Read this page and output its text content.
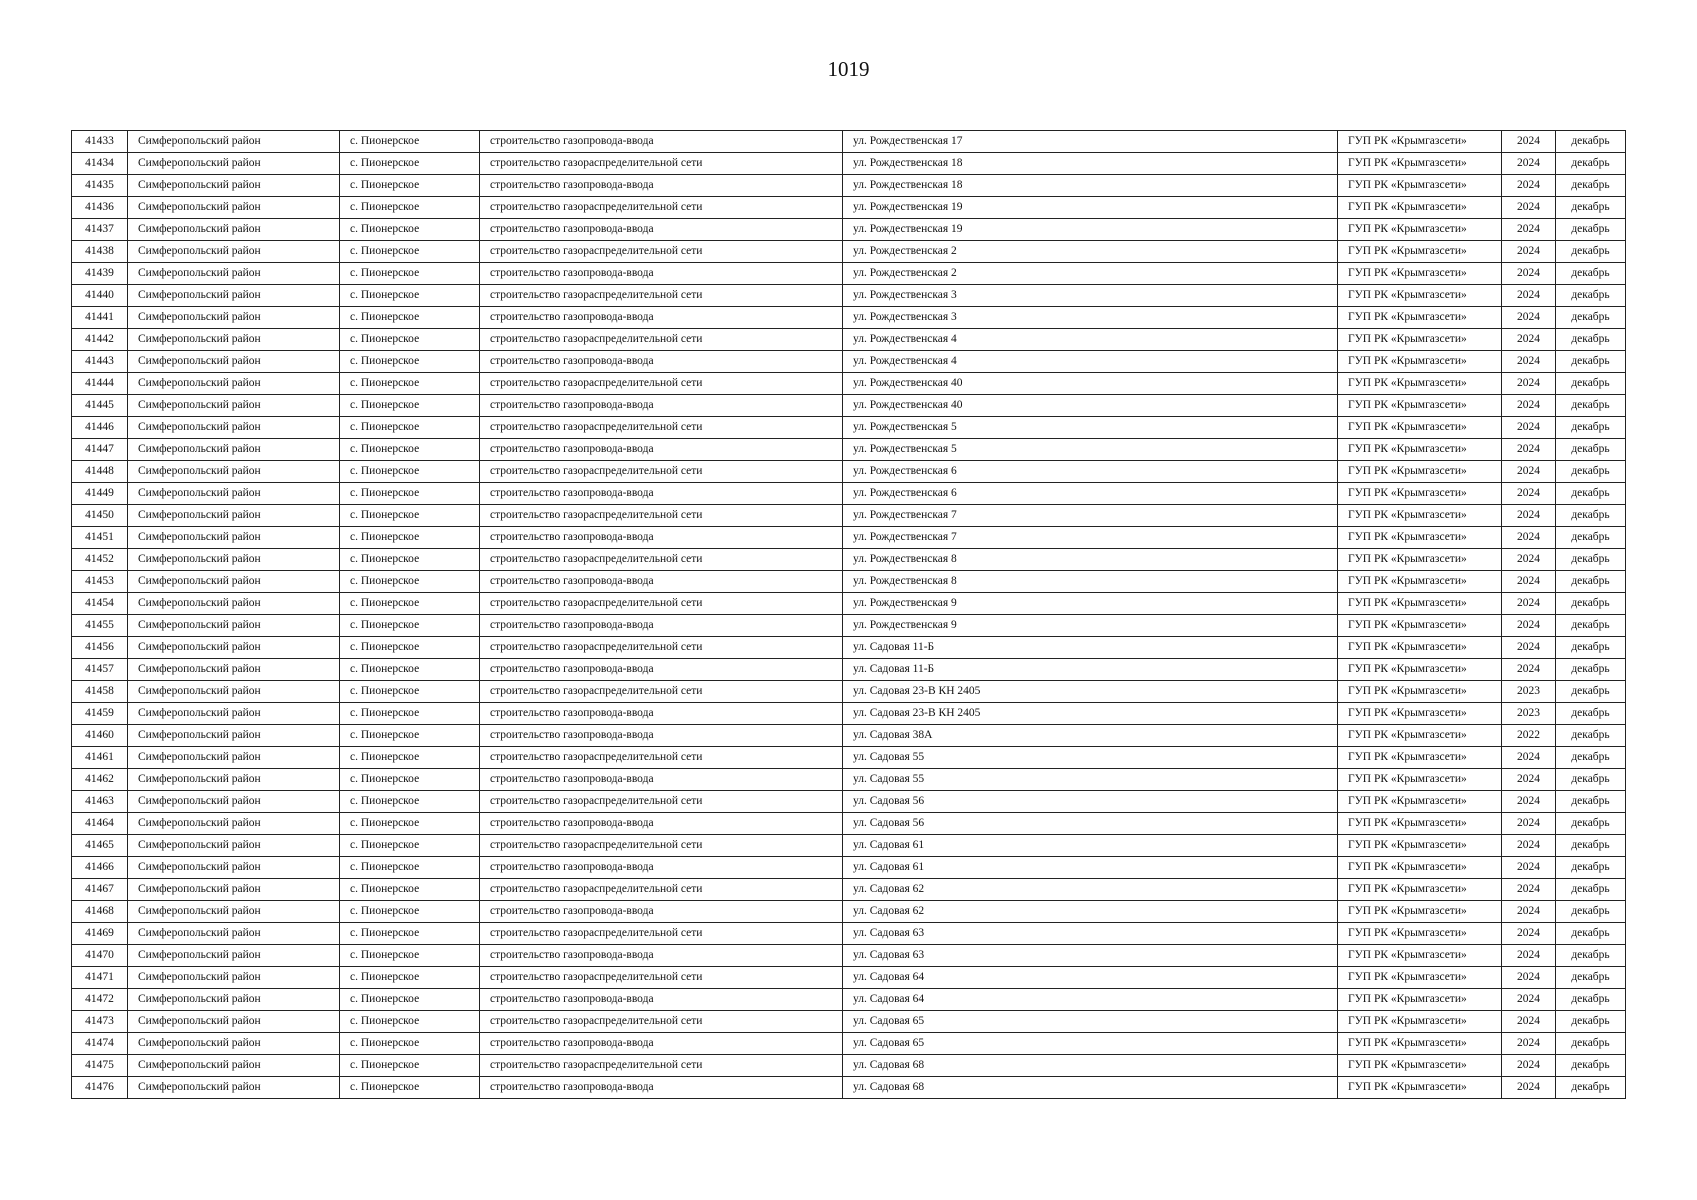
1019
41433	Симферопольский район	с. Пионерское	строительство газопровода-ввода	ул. Рождественская 17	ГУП РК «Крымгазсети»	2024	декабрь
41434	Симферопольский район	с. Пионерское	строительство газораспределительной сети	ул. Рождественская 18	ГУП РК «Крымгазсети»	2024	декабрь
41435	Симферопольский район	с. Пионерское	строительство газопровода-ввода	ул. Рождественская 18	ГУП РК «Крымгазсети»	2024	декабрь
41436	Симферопольский район	с. Пионерское	строительство газораспределительной сети	ул. Рождественская 19	ГУП РК «Крымгазсети»	2024	декабрь
41437	Симферопольский район	с. Пионерское	строительство газопровода-ввода	ул. Рождественская 19	ГУП РК «Крымгазсети»	2024	декабрь
41438	Симферопольский район	с. Пионерское	строительство газораспределительной сети	ул. Рождественская 2	ГУП РК «Крымгазсети»	2024	декабрь
41439	Симферопольский район	с. Пионерское	строительство газопровода-ввода	ул. Рождественская 2	ГУП РК «Крымгазсети»	2024	декабрь
41440	Симферопольский район	с. Пионерское	строительство газораспределительной сети	ул. Рождественская 3	ГУП РК «Крымгазсети»	2024	декабрь
41441	Симферопольский район	с. Пионерское	строительство газопровода-ввода	ул. Рождественская 3	ГУП РК «Крымгазсети»	2024	декабрь
41442	Симферопольский район	с. Пионерское	строительство газораспределительной сети	ул. Рождественская 4	ГУП РК «Крымгазсети»	2024	декабрь
41443	Симферопольский район	с. Пионерское	строительство газопровода-ввода	ул. Рождественская 4	ГУП РК «Крымгазсети»	2024	декабрь
41444	Симферопольский район	с. Пионерское	строительство газораспределительной сети	ул. Рождественская 40	ГУП РК «Крымгазсети»	2024	декабрь
41445	Симферопольский район	с. Пионерское	строительство газопровода-ввода	ул. Рождественская 40	ГУП РК «Крымгазсети»	2024	декабрь
41446	Симферопольский район	с. Пионерское	строительство газораспределительной сети	ул. Рождественская 5	ГУП РК «Крымгазсети»	2024	декабрь
41447	Симферопольский район	с. Пионерское	строительство газопровода-ввода	ул. Рождественская 5	ГУП РК «Крымгазсети»	2024	декабрь
41448	Симферопольский район	с. Пионерское	строительство газораспределительной сети	ул. Рождественская 6	ГУП РК «Крымгазсети»	2024	декабрь
41449	Симферопольский район	с. Пионерское	строительство газопровода-ввода	ул. Рождественская 6	ГУП РК «Крымгазсети»	2024	декабрь
41450	Симферопольский район	с. Пионерское	строительство газораспределительной сети	ул. Рождественская 7	ГУП РК «Крымгазсети»	2024	декабрь
41451	Симферопольский район	с. Пионерское	строительство газопровода-ввода	ул. Рождественская 7	ГУП РК «Крымгазсети»	2024	декабрь
41452	Симферопольский район	с. Пионерское	строительство газораспределительной сети	ул. Рождественская 8	ГУП РК «Крымгазсети»	2024	декабрь
41453	Симферопольский район	с. Пионерское	строительство газопровода-ввода	ул. Рождественская 8	ГУП РК «Крымгазсети»	2024	декабрь
41454	Симферопольский район	с. Пионерское	строительство газораспределительной сети	ул. Рождественская 9	ГУП РК «Крымгазсети»	2024	декабрь
41455	Симферопольский район	с. Пионерское	строительство газопровода-ввода	ул. Рождественская 9	ГУП РК «Крымгазсети»	2024	декабрь
41456	Симферопольский район	с. Пионерское	строительство газораспределительной сети	ул. Садовая 11-Б	ГУП РК «Крымгазсети»	2024	декабрь
41457	Симферопольский район	с. Пионерское	строительство газопровода-ввода	ул. Садовая 11-Б	ГУП РК «Крымгазсети»	2024	декабрь
41458	Симферопольский район	с. Пионерское	строительство газораспределительной сети	ул. Садовая 23-В КН 2405	ГУП РК «Крымгазсети»	2023	декабрь
41459	Симферопольский район	с. Пионерское	строительство газопровода-ввода	ул. Садовая 23-В КН 2405	ГУП РК «Крымгазсети»	2023	декабрь
41460	Симферопольский район	с. Пионерское	строительство газопровода-ввода	ул. Садовая 38А	ГУП РК «Крымгазсети»	2022	декабрь
41461	Симферопольский район	с. Пионерское	строительство газораспределительной сети	ул. Садовая 55	ГУП РК «Крымгазсети»	2024	декабрь
41462	Симферопольский район	с. Пионерское	строительство газопровода-ввода	ул. Садовая 55	ГУП РК «Крымгазсети»	2024	декабрь
41463	Симферопольский район	с. Пионерское	строительство газораспределительной сети	ул. Садовая 56	ГУП РК «Крымгазсети»	2024	декабрь
41464	Симферопольский район	с. Пионерское	строительство газопровода-ввода	ул. Садовая 56	ГУП РК «Крымгазсети»	2024	декабрь
41465	Симферопольский район	с. Пионерское	строительство газораспределительной сети	ул. Садовая 61	ГУП РК «Крымгазсети»	2024	декабрь
41466	Симферопольский район	с. Пионерское	строительство газопровода-ввода	ул. Садовая 61	ГУП РК «Крымгазсети»	2024	декабрь
41467	Симферопольский район	с. Пионерское	строительство газораспределительной сети	ул. Садовая 62	ГУП РК «Крымгазсети»	2024	декабрь
41468	Симферопольский район	с. Пионерское	строительство газопровода-ввода	ул. Садовая 62	ГУП РК «Крымгазсети»	2024	декабрь
41469	Симферопольский район	с. Пионерское	строительство газораспределительной сети	ул. Садовая 63	ГУП РК «Крымгазсети»	2024	декабрь
41470	Симферопольский район	с. Пионерское	строительство газопровода-ввода	ул. Садовая 63	ГУП РК «Крымгазсети»	2024	декабрь
41471	Симферопольский район	с. Пионерское	строительство газораспределительной сети	ул. Садовая 64	ГУП РК «Крымгазсети»	2024	декабрь
41472	Симферопольский район	с. Пионерское	строительство газопровода-ввода	ул. Садовая 64	ГУП РК «Крымгазсети»	2024	декабрь
41473	Симферопольский район	с. Пионерское	строительство газораспределительной сети	ул. Садовая 65	ГУП РК «Крымгазсети»	2024	декабрь
41474	Симферопольский район	с. Пионерское	строительство газопровода-ввода	ул. Садовая 65	ГУП РК «Крымгазсети»	2024	декабрь
41475	Симферопольский район	с. Пионерское	строительство газораспределительной сети	ул. Садовая 68	ГУП РК «Крымгазсети»	2024	декабрь
41476	Симферопольский район	с. Пионерское	строительство газопровода-ввода	ул. Садовая 68	ГУП РК «Крымгазсети»	2024	декабрь
